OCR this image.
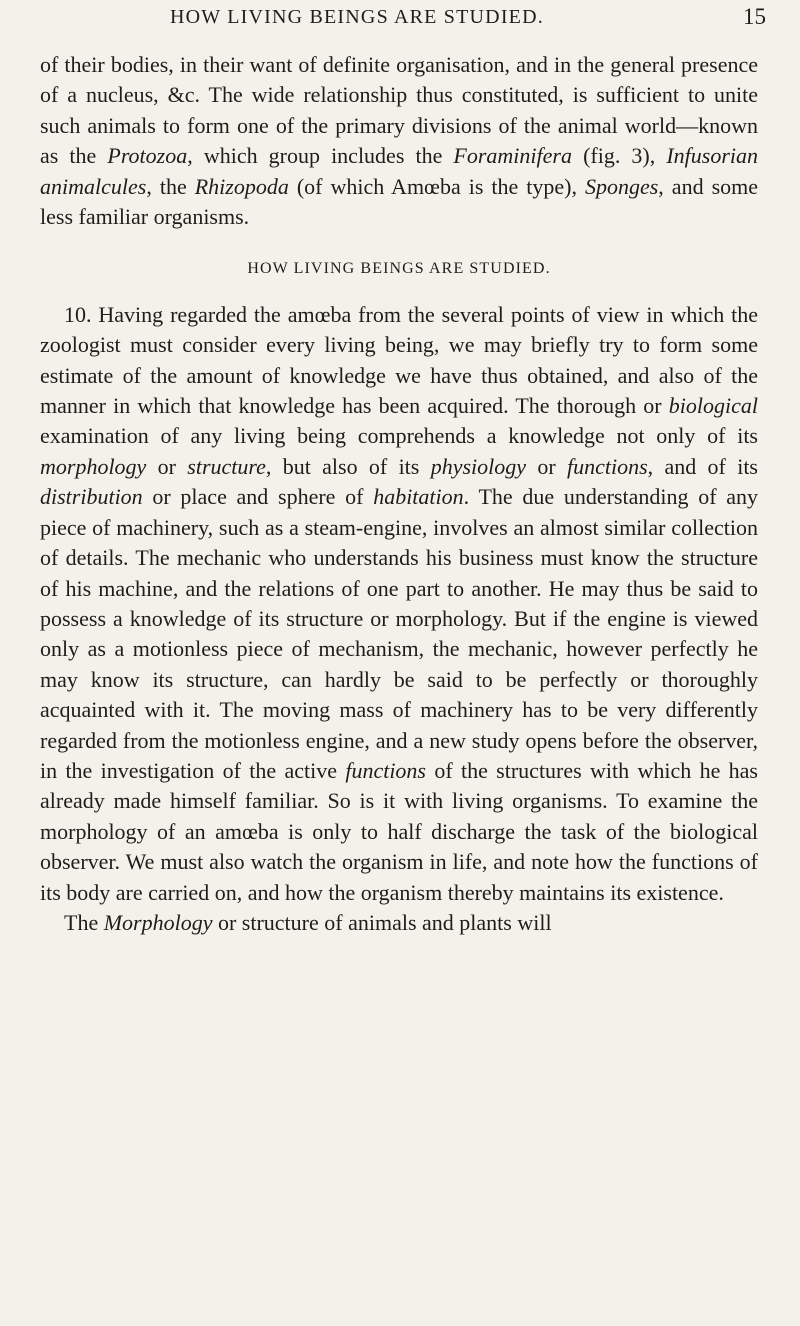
HOW LIVING BEINGS ARE STUDIED.	15

of their bodies, in their want of definite organisation, and in the general presence of a nucleus, &c. The wide relationship thus constituted, is sufficient to unite such animals to form one of the primary divisions of the animal world—known as the Protozoa, which group includes the Foraminifera (fig. 3), Infusorian animalcules, the Rhizopoda (of which Amœba is the type), Sponges, and some less familiar organisms.

HOW LIVING BEINGS ARE STUDIED.

10. Having regarded the amœba from the several points of view in which the zoologist must consider every living being, we may briefly try to form some estimate of the amount of knowledge we have thus obtained, and also of the manner in which that knowledge has been acquired. The thorough or biological examination of any living being comprehends a knowledge not only of its morphology or structure, but also of its physiology or functions, and of its distribution or place and sphere of habitation. The due understanding of any piece of machinery, such as a steam-engine, involves an almost similar collection of details. The mechanic who understands his business must know the structure of his machine, and the relations of one part to another. He may thus be said to possess a knowledge of its structure or morphology. But if the engine is viewed only as a motionless piece of mechanism, the mechanic, however perfectly he may know its structure, can hardly be said to be perfectly or thoroughly acquainted with it. The moving mass of machinery has to be very differently regarded from the motionless engine, and a new study opens before the observer, in the investigation of the active functions of the structures with which he has already made himself familiar. So is it with living organisms. To examine the morphology of an amœba is only to half discharge the task of the biological observer. We must also watch the organism in life, and note how the functions of its body are carried on, and how the organism thereby maintains its existence.

The Morphology or structure of animals and plants will
